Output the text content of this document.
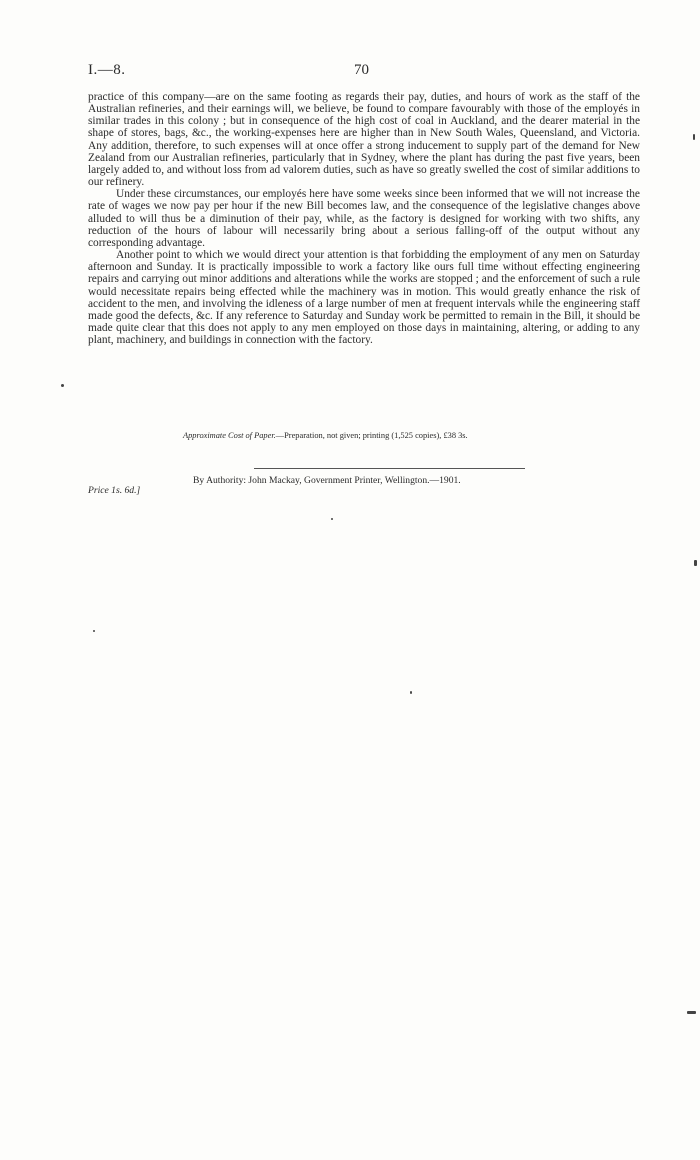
I.—8.	70

practice of this company—are on the same footing as regards their pay, duties, and hours of work as the staff of the Australian refineries, and their earnings will, we believe, be found to compare favourably with those of the employés in similar trades in this colony ; but in consequence of the high cost of coal in Auckland, and the dearer material in the shape of stores, bags, &c., the working-expenses here are higher than in New South Wales, Queensland, and Victoria. Any addition, therefore, to such expenses will at once offer a strong inducement to supply part of the demand for New Zealand from our Australian refineries, particularly that in Sydney, where the plant has during the past five years, been largely added to, and without loss from ad valorem duties, such as have so greatly swelled the cost of similar additions to our refinery.

Under these circumstances, our employés here have some weeks since been informed that we will not increase the rate of wages we now pay per hour if the new Bill becomes law, and the consequence of the legislative changes above alluded to will thus be a diminution of their pay, while, as the factory is designed for working with two shifts, any reduction of the hours of labour will necessarily bring about a serious falling-off of the output without any corresponding advantage.

Another point to which we would direct your attention is that forbidding the employment of any men on Saturday afternoon and Sunday. It is practically impossible to work a factory like ours full time without effecting engineering repairs and carrying out minor additions and alterations while the works are stopped ; and the enforcement of such a rule would necessitate repairs being effected while the machinery was in motion. This would greatly enhance the risk of accident to the men, and involving the idleness of a large number of men at frequent intervals while the engineering staff made good the defects, &c. If any reference to Saturday and Sunday work be permitted to remain in the Bill, it should be made quite clear that this does not apply to any men employed on those days in maintaining, altering, or adding to any plant, machinery, and buildings in connection with the factory.

Approximate Cost of Paper.—Preparation, not given; printing (1,525 copies), £38 3s.
By Authority: John Mackay, Government Printer, Wellington.—1901.
Price 1s. 6d.]
